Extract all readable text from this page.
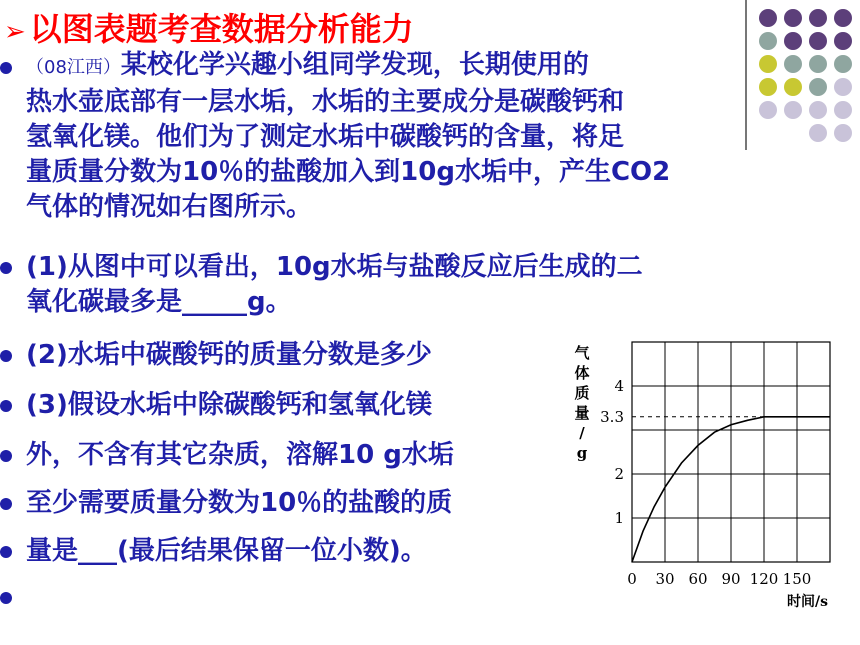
➢ 以图表题考查数据分析能力
（08江西）某校化学兴趣小组同学发现，长期使用的
热水壶底部有一层水垢，水垢的主要成分是碳酸钙和
氢氧化镁。他们为了测定水垢中碳酸钙的含量，将足
量质量分数为10％的盐酸加入到10g水垢中，产生CO2
气体的情况如右图所示。
(1)从图中可以看出，10g水垢与盐酸反应后生成的二
氧化碳最多是_____g。
(2)水垢中碳酸钙的质量分数是多少
(3)假设水垢中除碳酸钙和氢氧化镁
外，不含有其它杂质，溶解10 g水垢
至少需要质量分数为10％的盐酸的质
量是___(最后结果保留一位小数)。

0 30 60 90 120 150
1
2
4
3.3
气体质量/ g
时间/s
